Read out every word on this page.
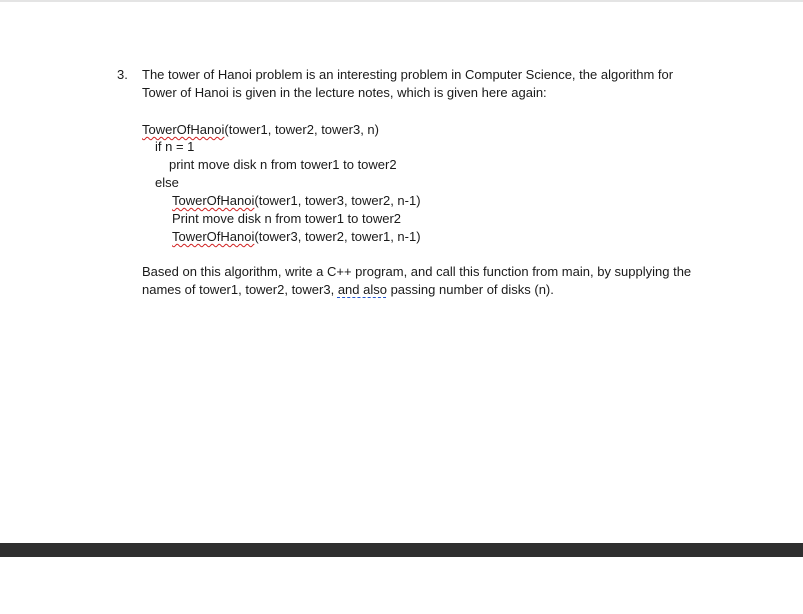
3. The tower of Hanoi problem is an interesting problem in Computer Science, the algorithm for
Tower of Hanoi is given in the lecture notes, which is given here again:
TowerOfHanoi(tower1, tower2, tower3, n)
if n = 1
print move disk n from tower1 to tower2
else
TowerOfHanoi(tower1, tower3, tower2, n-1)
Print move disk n from tower1 to tower2
TowerOfHanoi(tower3, tower2, tower1, n-1)
Based on this algorithm, write a C++ program, and call this function from main, by supplying the
names of tower1, tower2, tower3, and also passing number of disks (n).
